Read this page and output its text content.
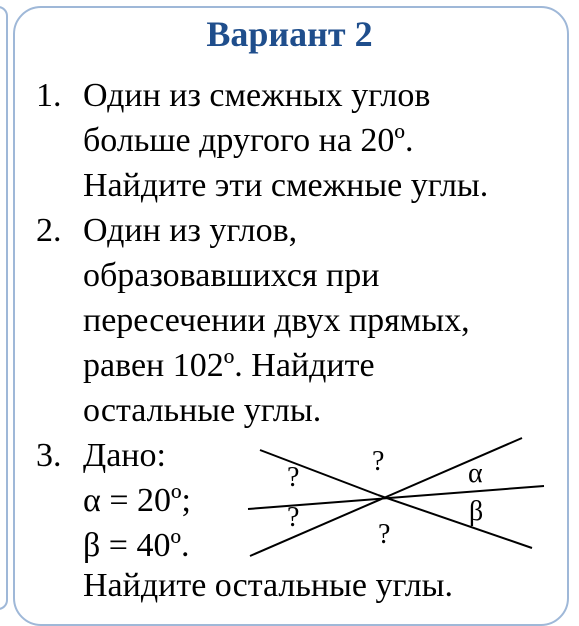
Вариант 2
1. Один из смежных углов
больше другого на 20º.
Найдите эти смежные углы.
2. Один из углов,
образовавшихся при
пересечении двух прямых,
равен 102º. Найдите
остальные углы.
3. Дано:
α = 20º;
β = 40º.
Найдите остальные углы.
?
?	α
?	β
?
